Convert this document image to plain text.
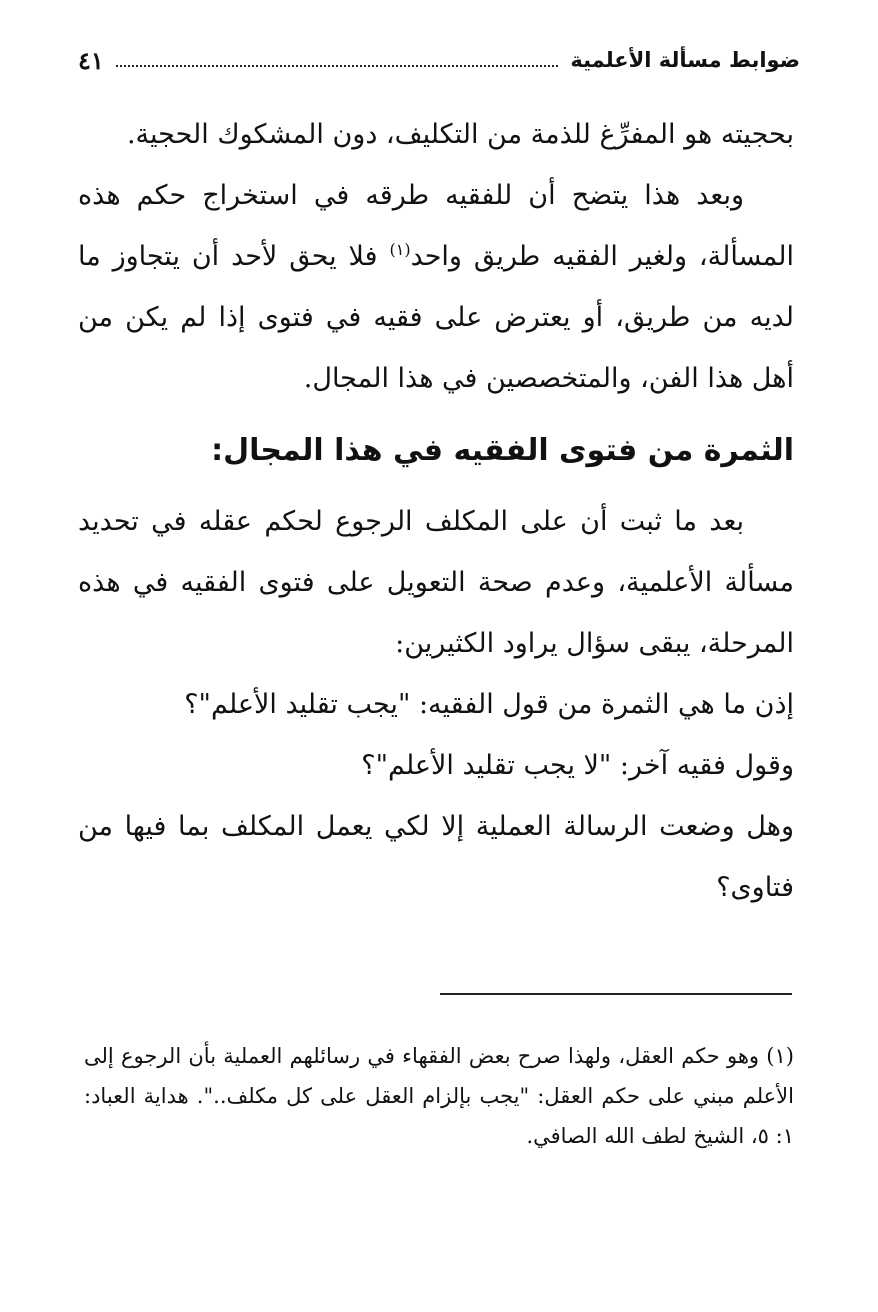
ضوابط مسألة الأعلمية
٤١

بحجيته هو المفرِّغ للذمة من التكليف، دون المشكوك الحجية.

وبعد هذا يتضح أن للفقيه طرقه في استخراج حكم هذه المسألة، ولغير الفقيه طريق واحد$^{(١)}$ فلا يحق لأحد أن يتجاوز ما لديه من طريق، أو يعترض على فقيه في فتوى إذا لم يكن من أهل هذا الفن، والمتخصصين في هذا المجال.

الثمرة من فتوى الفقيه في هذا المجال:

بعد ما ثبت أن على المكلف الرجوع لحكم عقله في تحديد مسألة الأعلمية، وعدم صحة التعويل على فتوى الفقيه في هذه المرحلة، يبقى سؤال يراود الكثيرين:

إذن ما هي الثمرة من قول الفقيه: "يجب تقليد الأعلم"؟

وقول فقيه آخر: "لا يجب تقليد الأعلم"؟

وهل وضعت الرسالة العملية إلا لكي يعمل المكلف بما فيها من فتاوى؟

(١) وهو حكم العقل، ولهذا صرح بعض الفقهاء في رسائلهم العملية بأن الرجوع إلى الأعلم مبني على حكم العقل: "يجب بإلزام العقل على كل مكلف..". هداية العباد: ١: ٥، الشيخ لطف الله الصافي.
